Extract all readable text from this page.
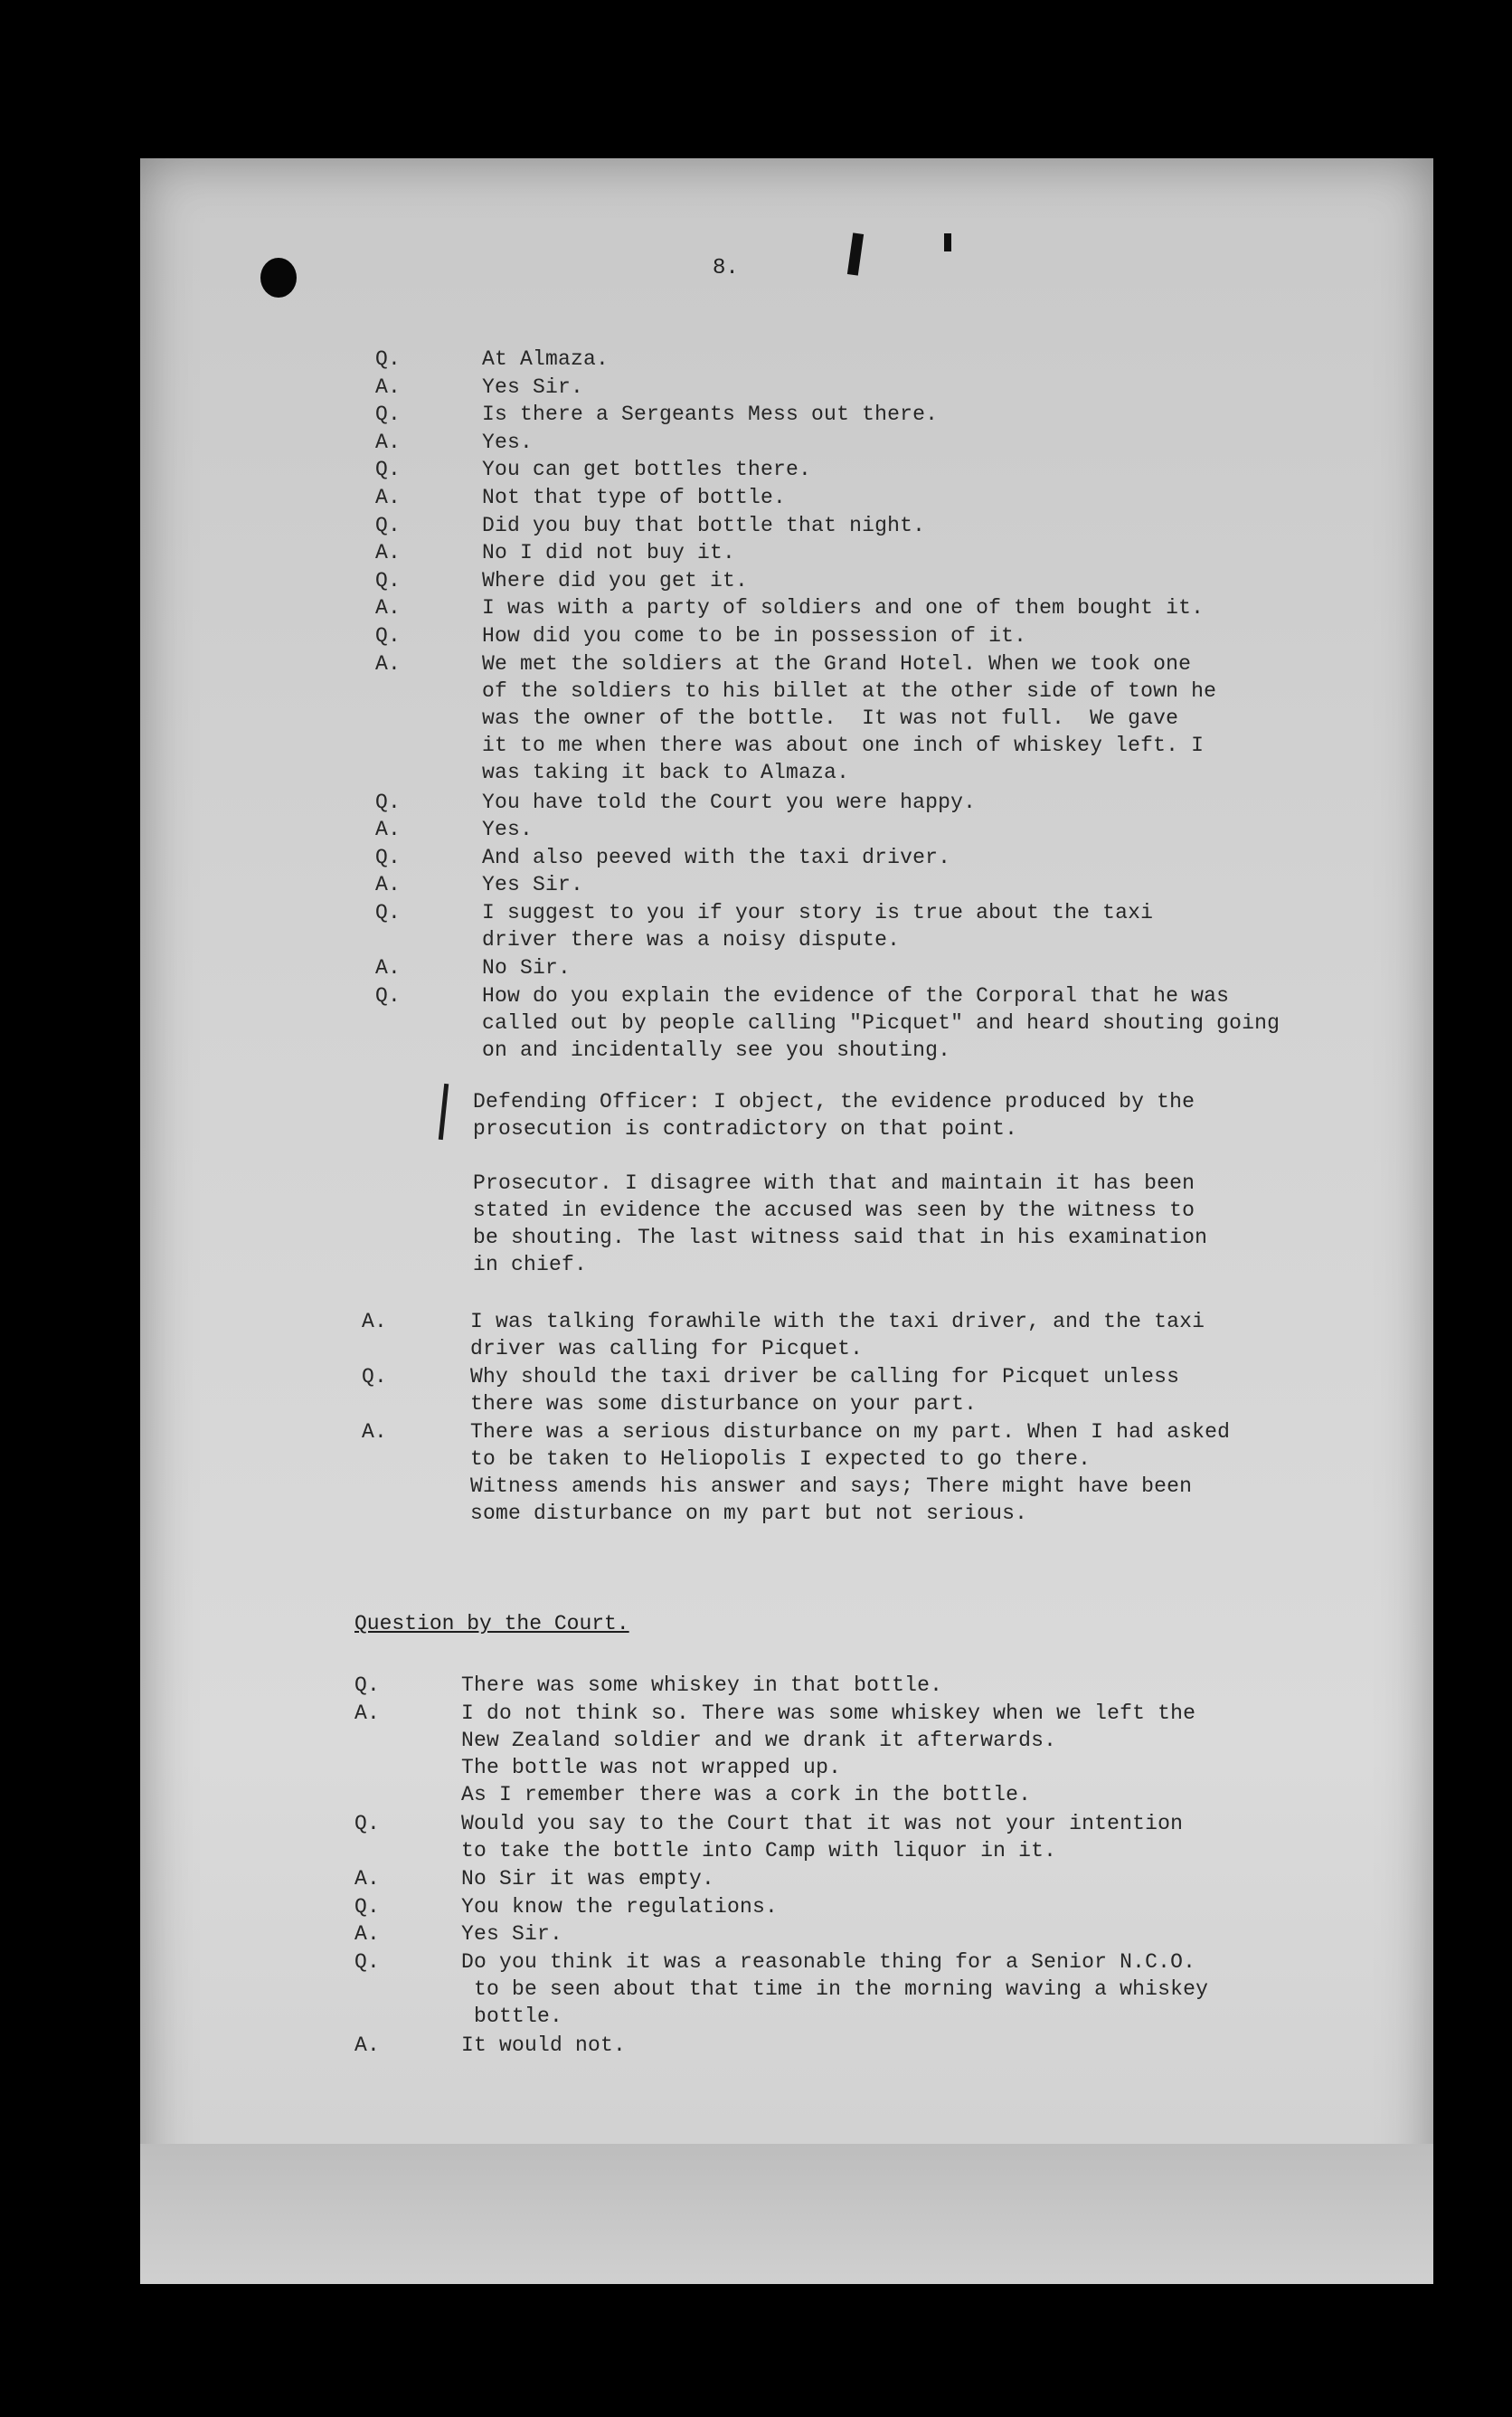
8.
Q.	At Almaza.
A.	Yes Sir.
Q.	Is there a Sergeants Mess out there.
A.	Yes.
Q.	You can get bottles there.
A.	Not that type of bottle.
Q.	Did you buy that bottle that night.
A.	No I did not buy it.
Q.	Where did you get it.
A.	I was with a party of soldiers and one of them bought it.
Q.	How did you come to be in possession of it.
A.	We met the soldiers at the Grand Hotel. When we took one
of the soldiers to his billet at the other side of town he
was the owner of the bottle.  It was not full.  We gave
it to me when there was about one inch of whiskey left. I
was taking it back to Almaza.
Q.	You have told the Court you were happy.
A.	Yes.
Q.	And also peeved with the taxi driver.
A.	Yes Sir.
Q.	I suggest to you if your story is true about the taxi
driver there was a noisy dispute.
A.	No Sir.
Q.	How do you explain the evidence of the Corporal that he was
called out by people calling "Picquet" and heard shouting going
on and incidentally see you shouting.
Defending Officer: I object, the evidence produced by the
prosecution is contradictory on that point.
Prosecutor. I disagree with that and maintain it has been
stated in evidence the accused was seen by the witness to
be shouting. The last witness said that in his examination
in chief.
A.	I was talking forawhile with the taxi driver, and the taxi
driver was calling for Picquet.
Q.	Why should the taxi driver be calling for Picquet unless
there was some disturbance on your part.
A.	There was a serious disturbance on my part. When I had asked
to be taken to Heliopolis I expected to go there.
Witness amends his answer and says; There might have been
some disturbance on my part but not serious.
Question by the Court.
Q.	There was some whiskey in that bottle.
A.	I do not think so. There was some whiskey when we left the
New Zealand soldier and we drank it afterwards.
The bottle was not wrapped up.
As I remember there was a cork in the bottle.
Q.	Would you say to the Court that it was not your intention
to take the bottle into Camp with liquor in it.
A.	No Sir it was empty.
Q.	You know the regulations.
A.	Yes Sir.
Q.	Do you think it was a reasonable thing for a Senior N.C.O.
to be seen about that time in the morning waving a whiskey
bottle.
A.	It would not.
